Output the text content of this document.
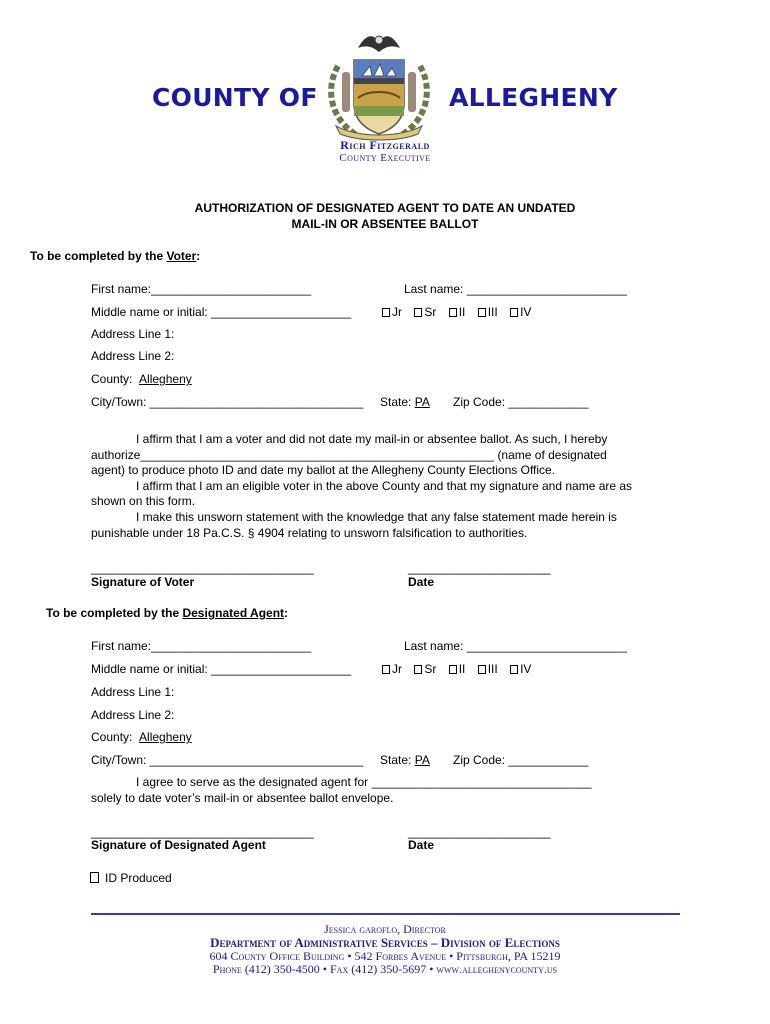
COUNTY OF	ALLEGHENY
Rich Fitzgerald
County Executive
AUTHORIZATION OF DESIGNATED AGENT TO DATE AN UNDATED
MAIL-IN OR ABSENTEE BALLOT
To be completed by the Voter:
First name:________________________	Last name: ________________________
Middle name or initial: _____________________	Jr Sr II III IV
Address Line 1:
Address Line 2:
County: Allegheny
City/Town: ________________________________ State: PA Zip Code: ____________
I affirm that I am a voter and did not date my mail-in or absentee ballot. As such, I hereby
authorize_____________________________________________________ (name of designated
agent) to produce photo ID and date my ballot at the Allegheny County Elections Office.
I affirm that I am an eligible voter in the above County and that my signature and name are as
shown on this form.
I make this unsworn statement with the knowledge that any false statement made herein is
punishable under 18 Pa.C.S. § 4904 relating to unsworn falsification to authorities.
____________________________________	_______________________
Signature of Voter	Date
To be completed by the Designated Agent:
First name:________________________	Last name: ________________________
Middle name or initial: _____________________	Jr Sr II III IV
Address Line 1:
Address Line 2:
County: Allegheny
City/Town: ________________________________ State: PA Zip Code: ____________
I agree to serve as the designated agent for _________________________________
solely to date voter’s mail-in or absentee ballot envelope.
____________________________________	_______________________
Signature of Designated Agent	Date
ID Produced
Jessica garoflo, Director
Department of Administrative Services – Division of Elections
604 County Office Building • 542 Forbes Avenue • Pittsburgh, PA 15219
Phone (412) 350-4500 • Fax (412) 350-5697 • www.alleghenycounty.us
